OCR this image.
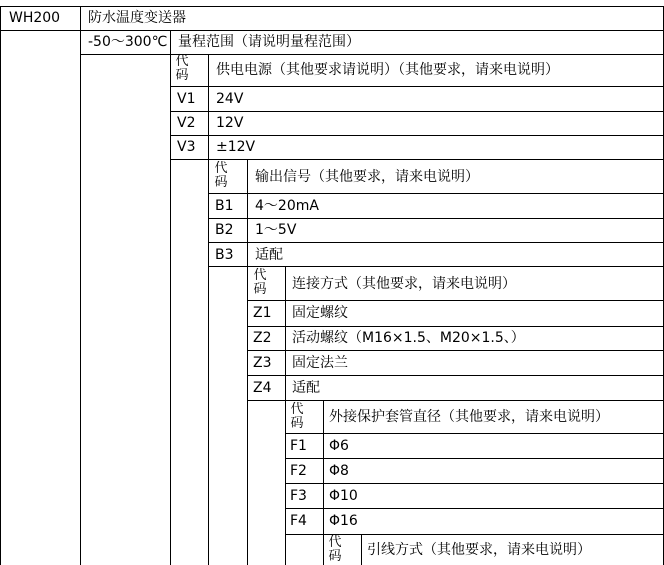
WH200 防水温度变送器
-50～300℃ 量程范围（请说明量程范围）
代码 供电电源（其他要求请说明）（其他要求，请来电说明）
V1 24V
V2 12V
V3 ±12V
代码 输出信号（其他要求，请来电说明）
B1 4～20mA
B2 1～5V
B3 适配
代码 连接方式（其他要求，请来电说明）
Z1 固定螺纹
Z2 活动螺纹（M16×1.5、M20×1.5、）
Z3 固定法兰
Z4 适配
代码 外接保护套管直径（其他要求，请来电说明）
F1 Φ6
F2 Φ8
F3 Φ10
F4 Φ16
代码 引线方式（其他要求，请来电说明）
